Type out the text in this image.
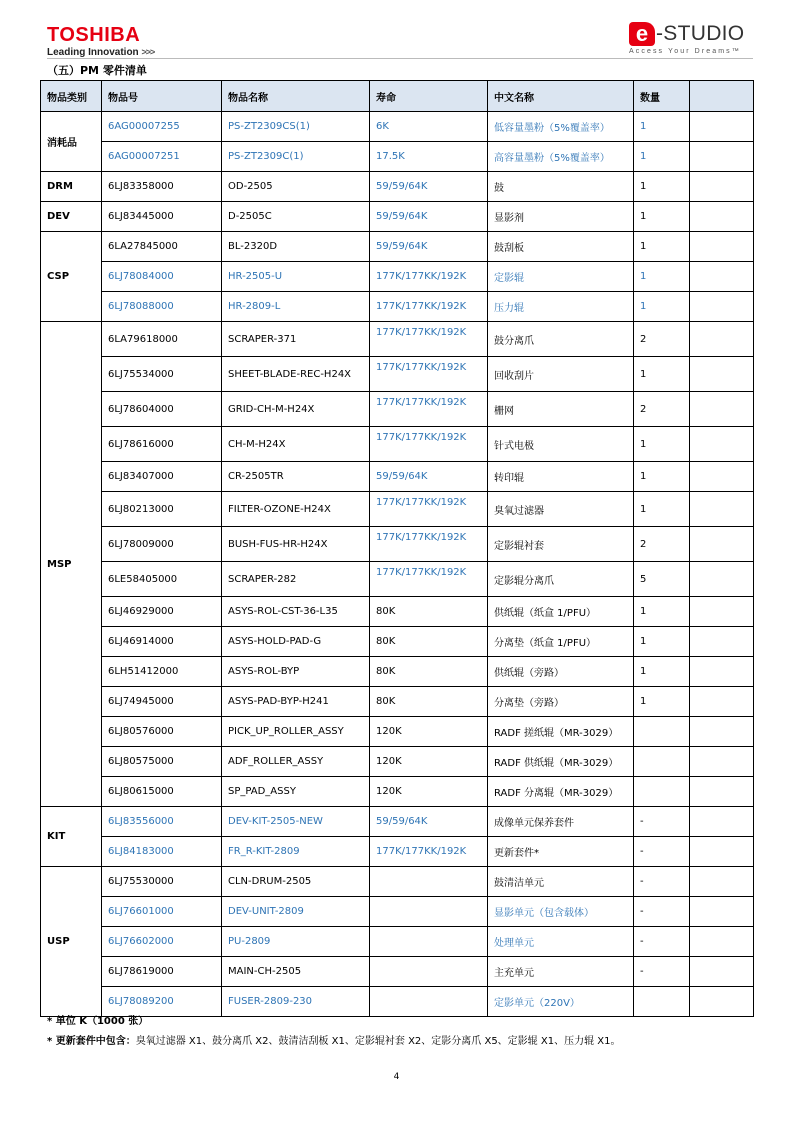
TOSHIBA
Leading Innovation >>>
e -STUDIO
Access Your Dreams™
（五）PM 零件清单
物品类别	物品号	物品名称	寿命	中文名称	数量	
消耗品	6AG00007255	PS-ZT2309CS(1)	6K	低容量墨粉（5%覆盖率）	1	
	6AG00007251	PS-ZT2309C(1)	17.5K	高容量墨粉（5%覆盖率）	1	
DRM	6LJ83358000	OD-2505	59/59/64K	鼓	1	
DEV	6LJ83445000	D-2505C	59/59/64K	显影剂	1	
CSP	6LA27845000	BL-2320D	59/59/64K	鼓刮板	1	
	6LJ78084000	HR-2505-U	177K/177KK/192K	定影辊	1	
	6LJ78088000	HR-2809-L	177K/177KK/192K	压力辊	1	
MSP	6LA79618000	SCRAPER-371	177K/177KK/192K	鼓分离爪	2	
	6LJ75534000	SHEET-BLADE-REC-H24X	177K/177KK/192K	回收刮片	1	
	6LJ78604000	GRID-CH-M-H24X	177K/177KK/192K	栅网	2	
	6LJ78616000	CH-M-H24X	177K/177KK/192K	针式电极	1	
	6LJ83407000	CR-2505TR	59/59/64K	转印辊	1	
	6LJ80213000	FILTER-OZONE-H24X	177K/177KK/192K	臭氧过滤器	1	
	6LJ78009000	BUSH-FUS-HR-H24X	177K/177KK/192K	定影辊衬套	2	
	6LE58405000	SCRAPER-282	177K/177KK/192K	定影辊分离爪	5	
	6LJ46929000	ASYS-ROL-CST-36-L35	80K	供纸辊（纸盒 1/PFU）	1	
	6LJ46914000	ASYS-HOLD-PAD-G	80K	分离垫（纸盒 1/PFU）	1	
	6LH51412000	ASYS-ROL-BYP	80K	供纸辊（旁路）	1	
	6LJ74945000	ASYS-PAD-BYP-H241	80K	分离垫（旁路）	1	
	6LJ80576000	PICK_UP_ROLLER_ASSY	120K	RADF 搓纸辊（MR-3029）		
	6LJ80575000	ADF_ROLLER_ASSY	120K	RADF 供纸辊（MR-3029）		
	6LJ80615000	SP_PAD_ASSY	120K	RADF 分离辊（MR-3029）		
KIT	6LJ83556000	DEV-KIT-2505-NEW	59/59/64K	成像单元保养套件	-	
	6LJ84183000	FR_R-KIT-2809	177K/177KK/192K	更新套件*	-	
USP	6LJ75530000	CLN-DRUM-2505		鼓清洁单元	-	
	6LJ76601000	DEV-UNIT-2809		显影单元（包含载体）	-	
	6LJ76602000	PU-2809		处理单元	-	
	6LJ78619000	MAIN-CH-2505		主充单元	-	
	6LJ78089200	FUSER-2809-230		定影单元（220V）		
* 单位 K（1000 张）
* 更新套件中包含：臭氧过滤器 X1、鼓分离爪 X2、鼓清洁刮板 X1、定影辊衬套 X2、定影分离爪 X5、定影辊 X1、压力辊 X1。
4
